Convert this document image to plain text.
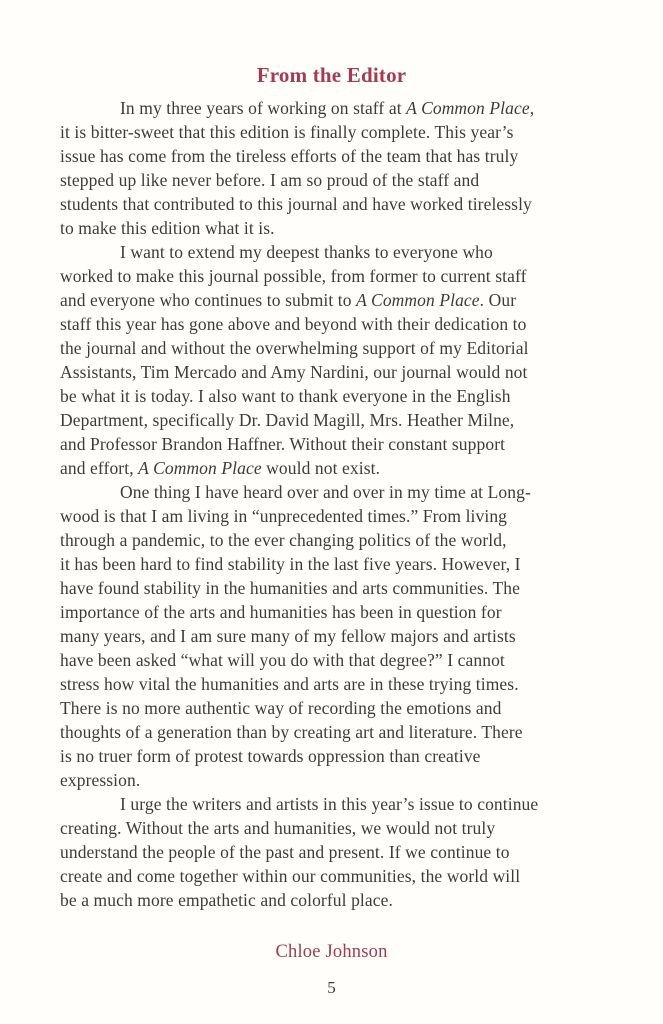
From the Editor
In my three years of working on staff at A Common Place,
it is bitter-sweet that this edition is finally complete. This year’s
issue has come from the tireless efforts of the team that has truly
stepped up like never before. I am so proud of the staff and
students that contributed to this journal and have worked tirelessly
to make this edition what it is.
I want to extend my deepest thanks to everyone who
worked to make this journal possible, from former to current staff
and everyone who continues to submit to A Common Place. Our
staff this year has gone above and beyond with their dedication to
the journal and without the overwhelming support of my Editorial
Assistants, Tim Mercado and Amy Nardini, our journal would not
be what it is today. I also want to thank everyone in the English
Department, specifically Dr. David Magill, Mrs. Heather Milne,
and Professor Brandon Haffner. Without their constant support
and effort, A Common Place would not exist.
One thing I have heard over and over in my time at Long-
wood is that I am living in “unprecedented times.” From living
through a pandemic, to the ever changing politics of the world,
it has been hard to find stability in the last five years. However, I
have found stability in the humanities and arts communities. The
importance of the arts and humanities has been in question for
many years, and I am sure many of my fellow majors and artists
have been asked “what will you do with that degree?” I cannot
stress how vital the humanities and arts are in these trying times.
There is no more authentic way of recording the emotions and
thoughts of a generation than by creating art and literature. There
is no truer form of protest towards oppression than creative
expression.
I urge the writers and artists in this year’s issue to continue
creating. Without the arts and humanities, we would not truly
understand the people of the past and present. If we continue to
create and come together within our communities, the world will
be a much more empathetic and colorful place.
Chloe Johnson
5
